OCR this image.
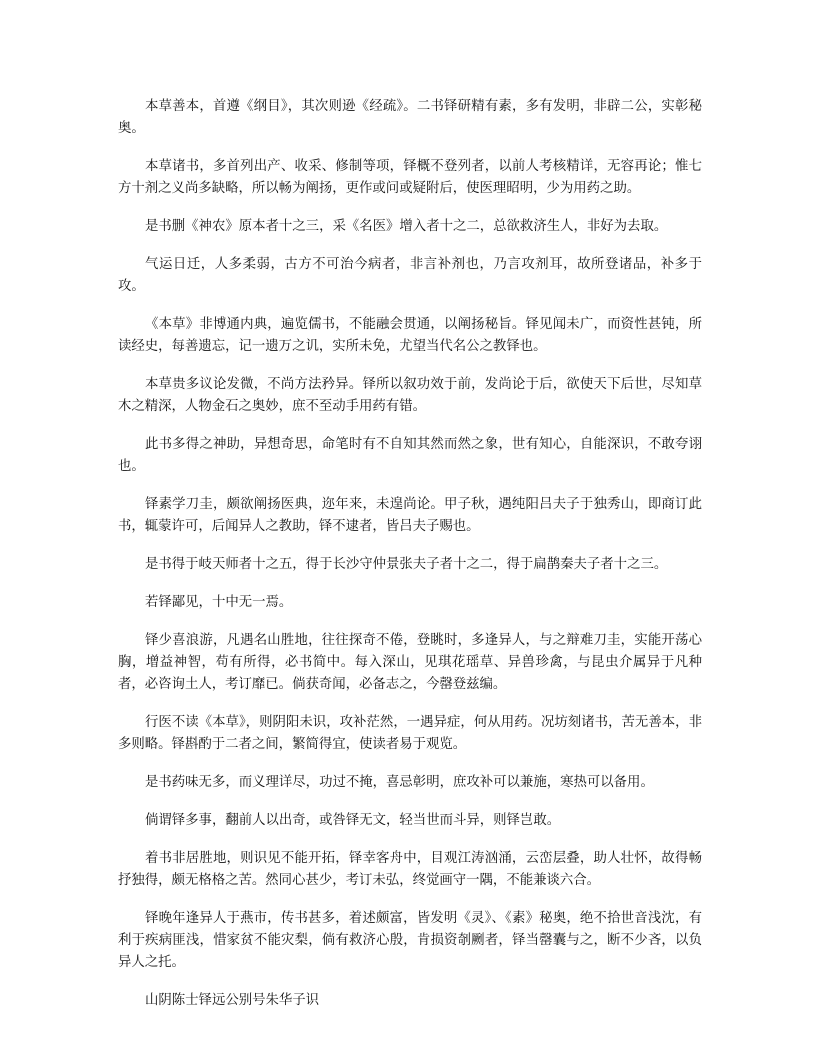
本草善本，首遵《纲目》，其次则逊《经疏》。二书铎研精有素，多有发明，非辟二公，实彰秘奥。

本草诸书，多首列出产、收采、修制等项，铎概不登列者，以前人考核精详，无容再论；惟七方十剂之义尚多缺略，所以畅为阐扬，更作或问或疑附后，使医理昭明，少为用药之助。

是书删《神农》原本者十之三，采《名医》增入者十之二，总欲救济生人，非好为去取。

气运日迁，人多柔弱，古方不可治今病者，非言补剂也，乃言攻剂耳，故所登诸品，补多于攻。

《本草》非博通内典，遍览儒书，不能融会贯通，以阐扬秘旨。铎见闻未广，而资性甚钝，所读经史，每善遗忘，记一遗万之讥，实所未免，尤望当代名公之教铎也。

本草贵多议论发微，不尚方法矜异。铎所以叙功效于前，发尚论于后，欲使天下后世，尽知草木之精深，人物金石之奥妙，庶不至动手用药有错。

此书多得之神助，异想奇思，命笔时有不自知其然而然之象，世有知心，自能深识，不敢夸诩也。

铎素学刀圭，颇欲阐扬医典，迩年来，未遑尚论。甲子秋，遇纯阳吕夫子于独秀山，即商订此书，辄蒙许可，后闻异人之教助，铎不逮者，皆吕夫子赐也。

是书得于岐天师者十之五，得于长沙守仲景张夫子者十之二，得于扁鹊秦夫子者十之三。

若铎鄙见，十中无一焉。

铎少喜浪游，凡遇名山胜地，往往探奇不倦，登眺时，多逢异人，与之辩难刀圭，实能开荡心胸，增益神智，苟有所得，必书简中。每入深山，见琪花瑶草、异兽珍禽，与昆虫介属异于凡种者，必咨询土人，考订靡已。倘获奇闻，必备志之，今罄登兹编。

行医不读《本草》，则阴阳未识，攻补茫然，一遇异症，何从用药。况坊刻诸书，苦无善本，非多则略。铎斟酌于二者之间，繁简得宜，使读者易于观览。

是书药味无多，而义理详尽，功过不掩，喜忌彰明，庶攻补可以兼施，寒热可以备用。

倘谓铎多事，翻前人以出奇，或咎铎无文，轻当世而斗异，则铎岂敢。

着书非居胜地，则识见不能开拓，铎幸客舟中，目观江涛汹涌，云峦层叠，助人壮怀，故得畅抒独得，颇无格格之苦。然同心甚少，考订未弘，终觉画守一隅，不能兼谈六合。

铎晚年逢异人于燕市，传书甚多，着述颇富，皆发明《灵》、《素》秘奥，绝不拾世音浅沈，有利于疾病匪浅，惜家贫不能灾梨，倘有救济心殷，肯损资剞劂者，铎当罄囊与之，断不少吝，以负异人之托。

山阴陈士铎远公别号朱华子识
